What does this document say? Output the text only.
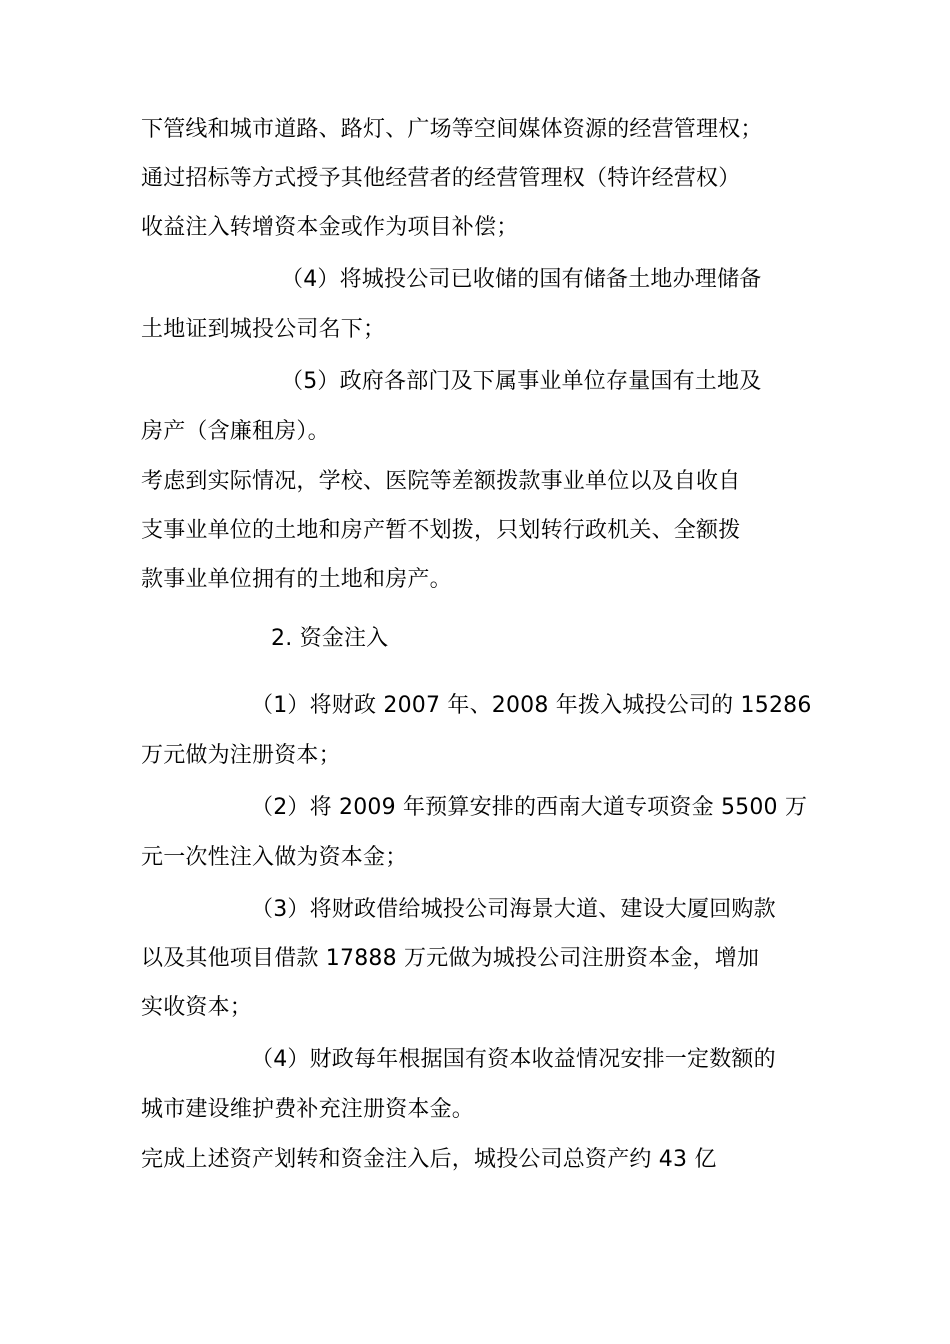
下管线和城市道路、路灯、广场等空间媒体资源的经营管理权；
通过招标等方式授予其他经营者的经营管理权（特许经营权）
收益注入转增资本金或作为项目补偿；
（4）将城投公司已收储的国有储备土地办理储备
土地证到城投公司名下；
（5）政府各部门及下属事业单位存量国有土地及
房产（含廉租房）。
考虑到实际情况，学校、医院等差额拨款事业单位以及自收自
支事业单位的土地和房产暂不划拨，只划转行政机关、全额拨
款事业单位拥有的土地和房产。
2. 资金注入
（1）将财政 2007 年、2008 年拨入城投公司的 15286
万元做为注册资本；
（2）将 2009 年预算安排的西南大道专项资金 5500 万
元一次性注入做为资本金；
（3）将财政借给城投公司海景大道、建设大厦回购款
以及其他项目借款 17888 万元做为城投公司注册资本金，增加
实收资本；
（4）财政每年根据国有资本收益情况安排一定数额的
城市建设维护费补充注册资本金。
完成上述资产划转和资金注入后，城投公司总资产约 43 亿
